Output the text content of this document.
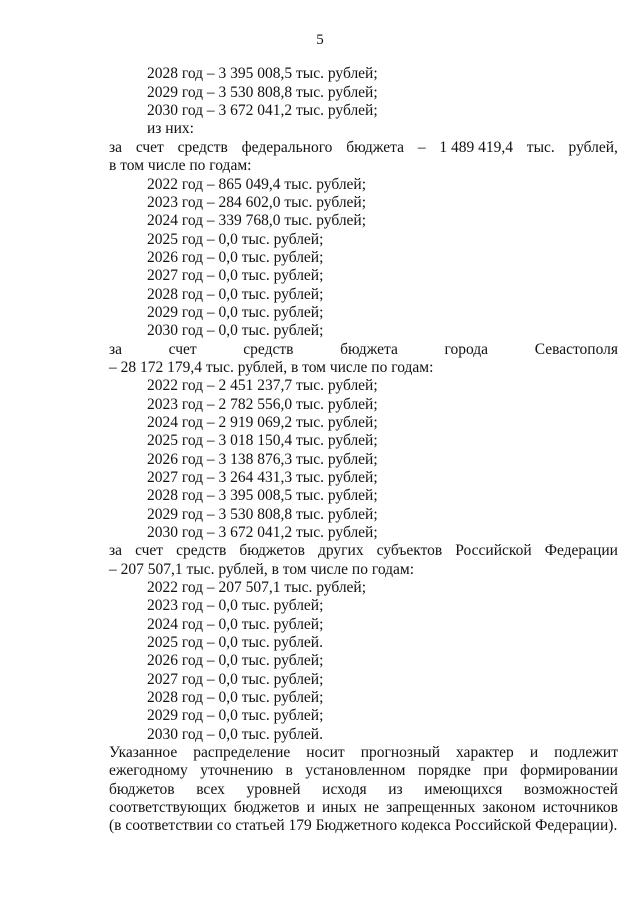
5
2028 год – 3 395 008,5 тыс. рублей;
2029 год – 3 530 808,8 тыс. рублей;
2030 год – 3 672 041,2 тыс. рублей;
из них:
за счет средств федерального бюджета – 1 489 419,4 тыс. рублей,
в том числе по годам:
2022 год – 865 049,4 тыс. рублей;
2023 год – 284 602,0 тыс. рублей;
2024 год – 339 768,0 тыс. рублей;
2025 год – 0,0 тыс. рублей;
2026 год – 0,0 тыс. рублей;
2027 год – 0,0 тыс. рублей;
2028 год – 0,0 тыс. рублей;
2029 год – 0,0 тыс. рублей;
2030 год – 0,0 тыс. рублей;
за	счет	средств	бюджета	города	Севастополя
– 28 172 179,4 тыс. рублей, в том числе по годам:
2022 год – 2 451 237,7 тыс. рублей;
2023 год – 2 782 556,0 тыс. рублей;
2024 год – 2 919 069,2 тыс. рублей;
2025 год – 3 018 150,4 тыс. рублей;
2026 год – 3 138 876,3 тыс. рублей;
2027 год – 3 264 431,3 тыс. рублей;
2028 год – 3 395 008,5 тыс. рублей;
2029 год – 3 530 808,8 тыс. рублей;
2030 год – 3 672 041,2 тыс. рублей;
за счет средств бюджетов других субъектов Российской Федерации
– 207 507,1 тыс. рублей, в том числе по годам:
2022 год – 207 507,1 тыс. рублей;
2023 год – 0,0 тыс. рублей;
2024 год – 0,0 тыс. рублей;
2025 год – 0,0 тыс. рублей.
2026 год – 0,0 тыс. рублей;
2027 год – 0,0 тыс. рублей;
2028 год – 0,0 тыс. рублей;
2029 год – 0,0 тыс. рублей;
2030 год – 0,0 тыс. рублей.
Указанное распределение носит прогнозный характер и подлежит
ежегодному уточнению в установленном порядке при формировании
бюджетов всех уровней исходя из имеющихся возможностей
соответствующих бюджетов и иных не запрещенных законом источников
(в соответствии со статьей 179 Бюджетного кодекса Российской Федерации).
